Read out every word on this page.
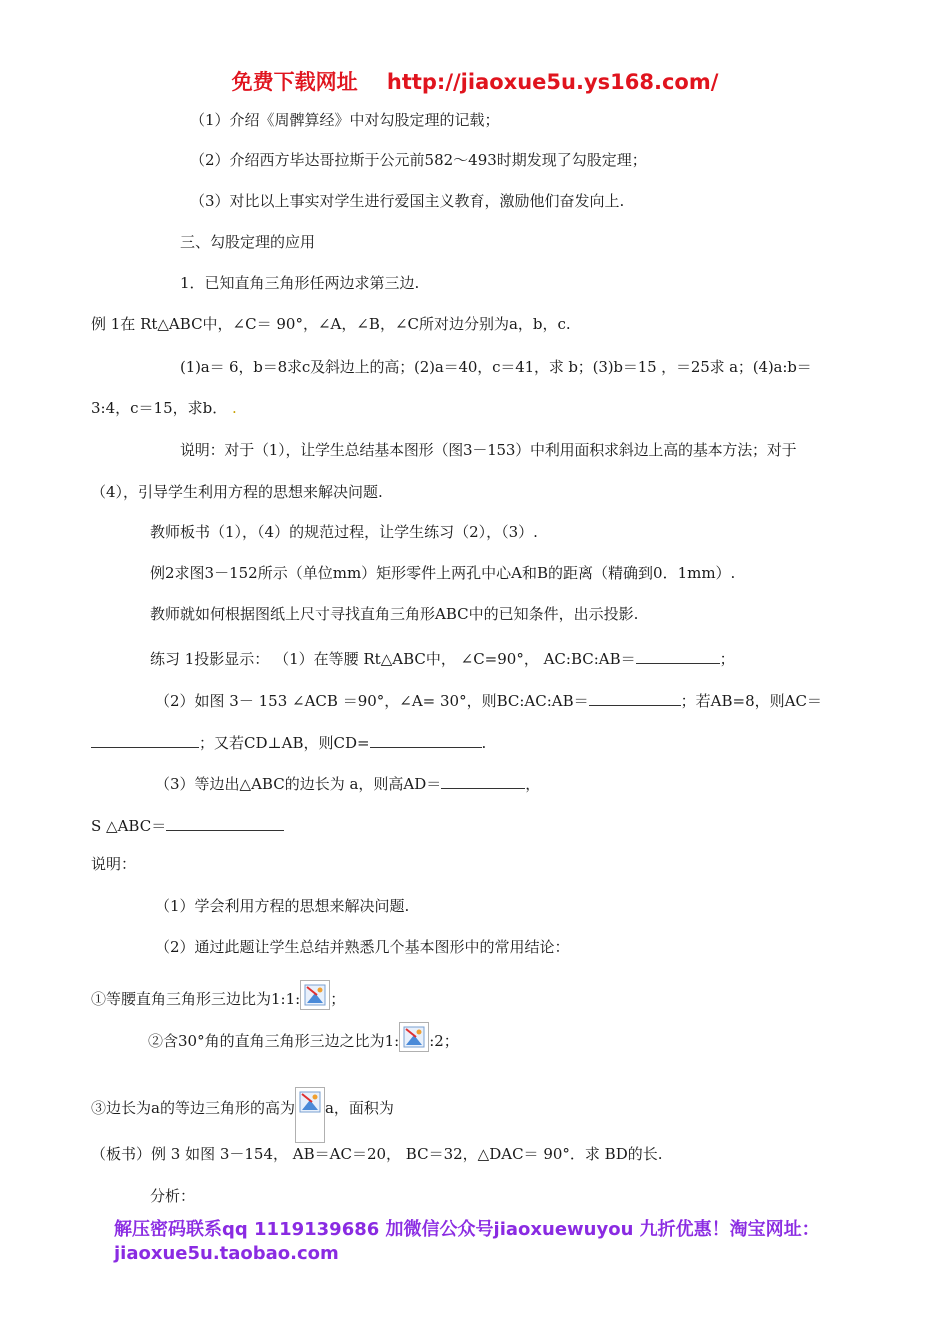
免费下载网址 http://jiaoxue5u.ys168.com/
（1）介绍《周髀算经》中对勾股定理的记载；
（2）介绍西方毕达哥拉斯于公元前582～493时期发现了勾股定理；
（3）对比以上事实对学生进行爱国主义教育，激励他们奋发向上.
三、勾股定理的应用
1．已知直角三角形任两边求第三边.
例 1在 Rt△ABC中，∠C＝ 90°，∠A，∠B，∠C所对边分别为a，b，c.
(1)a＝ 6，b＝8求c及斜边上的高；(2)a＝40，c＝41，求 b；(3)b＝15 ，＝25求 a；(4)a:b＝
3:4，c＝15，求b． .
说明：对于（1），让学生总结基本图形（图3－153）中利用面积求斜边上高的基本方法；对于
（4），引导学生利用方程的思想来解决问题.
教师板书（1），（4）的规范过程，让学生练习（2），（3）.
例2求图3－152所示（单位mm）矩形零件上两孔中心A和B的距离（精确到0．1mm）.
教师就如何根据图纸上尺寸寻找直角三角形ABC中的已知条件，出示投影.
练习 1投影显示： （1）在等腰 Rt△ABC中， ∠C=90°， AC:BC:AB＝	；
（2）如图 3－ 153 ∠ACB ＝90°，∠A= 30°，则BC:AC:AB＝	；若AB=8，则AC＝
；又若CD⊥AB，则CD=	.
（3）等边出△ABC的边长为 a，则高AD＝	，
S △ABC＝
说明：
（1）学会利用方程的思想来解决问题.
（2）通过此题让学生总结并熟悉几个基本图形中的常用结论：
①等腰直角三角形三边比为1:1: ；
②含30°角的直角三角形三边之比为1: :2；
③边长为a的等边三角形的高为 a，面积为
（板书）例 3 如图 3－154， AB＝AC＝20， BC＝32，△DAC＝ 90°．求 BD的长.
分析：
解压密码联系qq 1119139686 加微信公众号jiaoxuewuyou 九折优惠！淘宝网址：jiaoxue5u.taobao.com
